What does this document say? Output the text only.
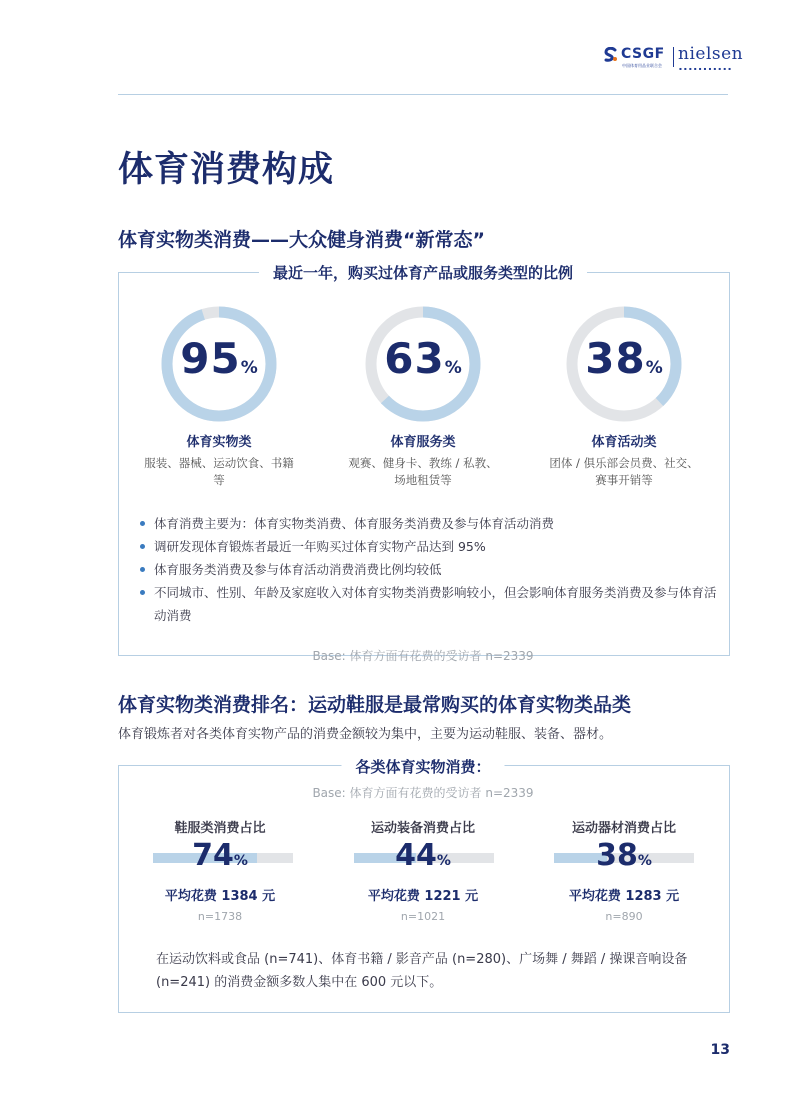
CSGF
中国体育用品业联合会
nielsen
▪▪▪▪▪▪▪▪▪▪▪
体育消费构成
体育实物类消费——大众健身消费“新常态”
最近一年，购买过体育产品或服务类型的比例
95%
体育实物类
服装、器械、运动饮食、书籍等
63%
体育服务类
观赛、健身卡、教练 / 私教、场地租赁等
38%
体育活动类
团体 / 俱乐部会员费、社交、赛事开销等
体育消费主要为：体育实物类消费、体育服务类消费及参与体育活动消费
调研发现体育锻炼者最近一年购买过体育实物产品达到 95%
体育服务类消费及参与体育活动消费消费比例均较低
不同城市、性别、年龄及家庭收入对体育实物类消费影响较小，但会影响体育服务类消费及参与体育活动消费
Base: 体育方面有花费的受访者 n=2339
体育实物类消费排名：运动鞋服是最常购买的体育实物类品类
体育锻炼者对各类体育实物产品的消费金额较为集中，主要为运动鞋服、装备、器材。
各类体育实物消费：
Base: 体育方面有花费的受访者 n=2339
鞋服类消费占比
74%
平均花费 1384 元
n=1738
运动装备消费占比
44%
平均花费 1221 元
n=1021
运动器材消费占比
38%
平均花费 1283 元
n=890
在运动饮料或食品 (n=741)、体育书籍 / 影音产品 (n=280)、广场舞 / 舞蹈 / 操课音响设备 (n=241) 的消费金额多数人集中在 600 元以下。
13
